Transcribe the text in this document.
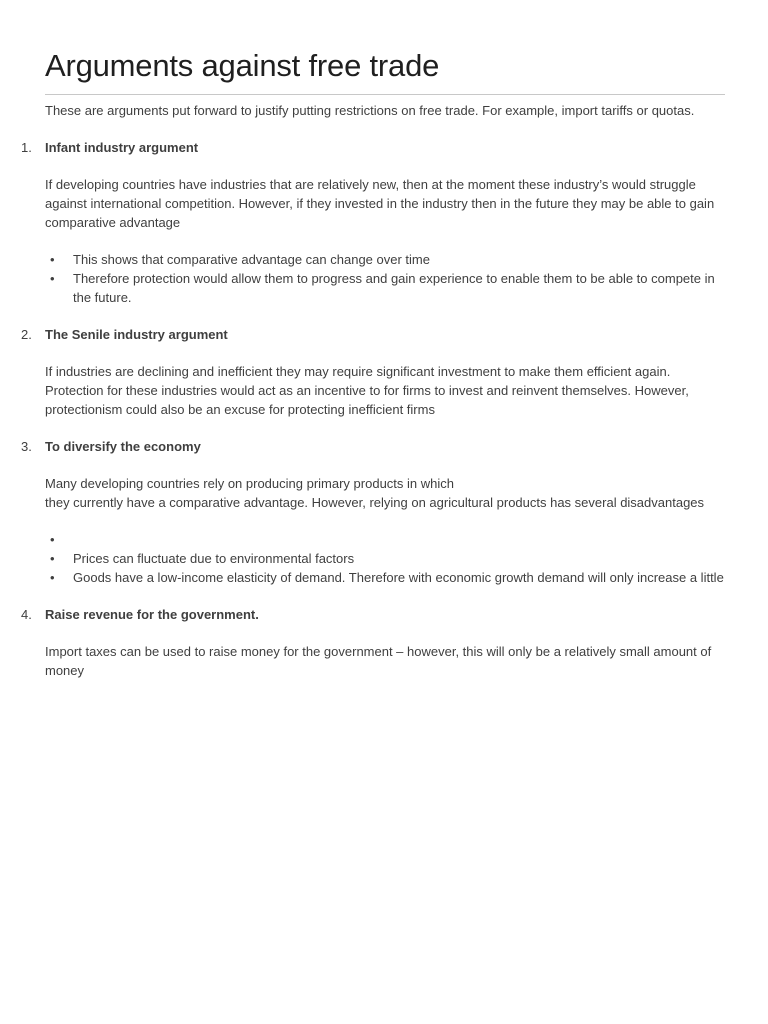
Arguments against free trade

These are arguments put forward to justify putting restrictions on free trade. For example, import tariffs or quotas.

1. Infant industry argument

If developing countries have industries that are relatively new, then at the moment these industry’s would struggle against international competition. However, if they invested in the industry then in the future they may be able to gain comparative advantage

• This shows that comparative advantage can change over time
• Therefore protection would allow them to progress and gain experience to enable them to be able to compete in the future.
2. The Senile industry argument

If industries are declining and inefficient they may require significant investment to make them efficient again. Protection for these industries would act as an incentive to for firms to invest and reinvent themselves. However, protectionism could also be an excuse for protecting inefficient firms

3. To diversify the economy

Many developing countries rely on producing primary products in which

they currently have a comparative advantage. However, relying on agricultural products has several disadvantages

•
• Prices can fluctuate due to environmental factors
• Goods have a low-income elasticity of demand. Therefore with economic growth demand will only increase a little
4. Raise revenue for the government.

Import taxes can be used to raise money for the government – however, this will only be a relatively small amount of money
